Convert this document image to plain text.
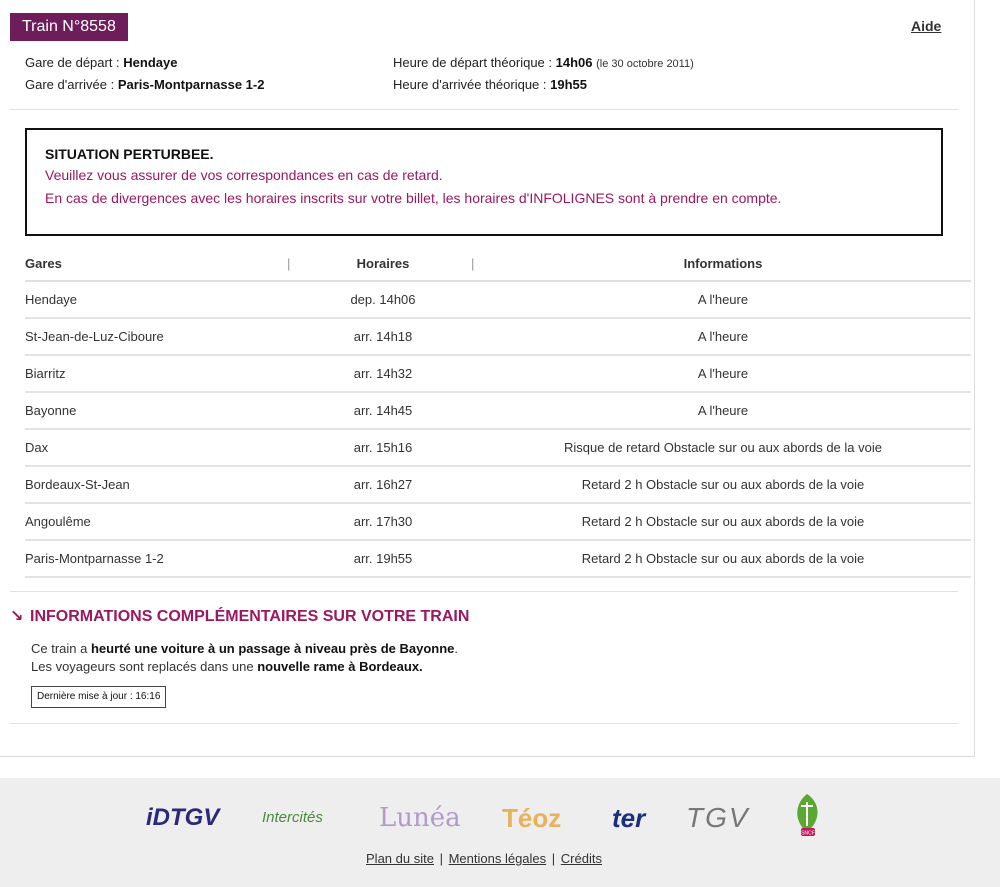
Train N°8558	Aide
Gare de départ : Hendaye
Gare d'arrivée : Paris-Montparnasse 1-2
Heure de départ théorique : 14h06 (le 30 octobre 2011)
Heure d'arrivée théorique : 19h55
SITUATION PERTURBEE.
Veuillez vous assurer de vos correspondances en cas de retard.
En cas de divergences avec les horaires inscrits sur votre billet, les horaires d'INFOLIGNES sont à prendre en compte.
Gares	|	Horaires	|	Informations
Hendaye	dep. 14h06	A l'heure
St-Jean-de-Luz-Ciboure	arr. 14h18	A l'heure
Biarritz	arr. 14h32	A l'heure
Bayonne	arr. 14h45	A l'heure
Dax	arr. 15h16	Risque de retard Obstacle sur ou aux abords de la voie
Bordeaux-St-Jean	arr. 16h27	Retard 2 h Obstacle sur ou aux abords de la voie
Angoulême	arr. 17h30	Retard 2 h Obstacle sur ou aux abords de la voie
Paris-Montparnasse 1-2	arr. 19h55	Retard 2 h Obstacle sur ou aux abords de la voie
↘ INFORMATIONS COMPLÉMENTAIRES SUR VOTRE TRAIN
Ce train a heurté une voiture à un passage à niveau près de Bayonne.
Les voyageurs sont replacés dans une nouvelle rame à Bordeaux.
Dernière mise à jour : 16:16
iDTGV	Intercités Lunéa Téoz ter TGV
SNCF
Plan du site | Mentions légales | Crédits
